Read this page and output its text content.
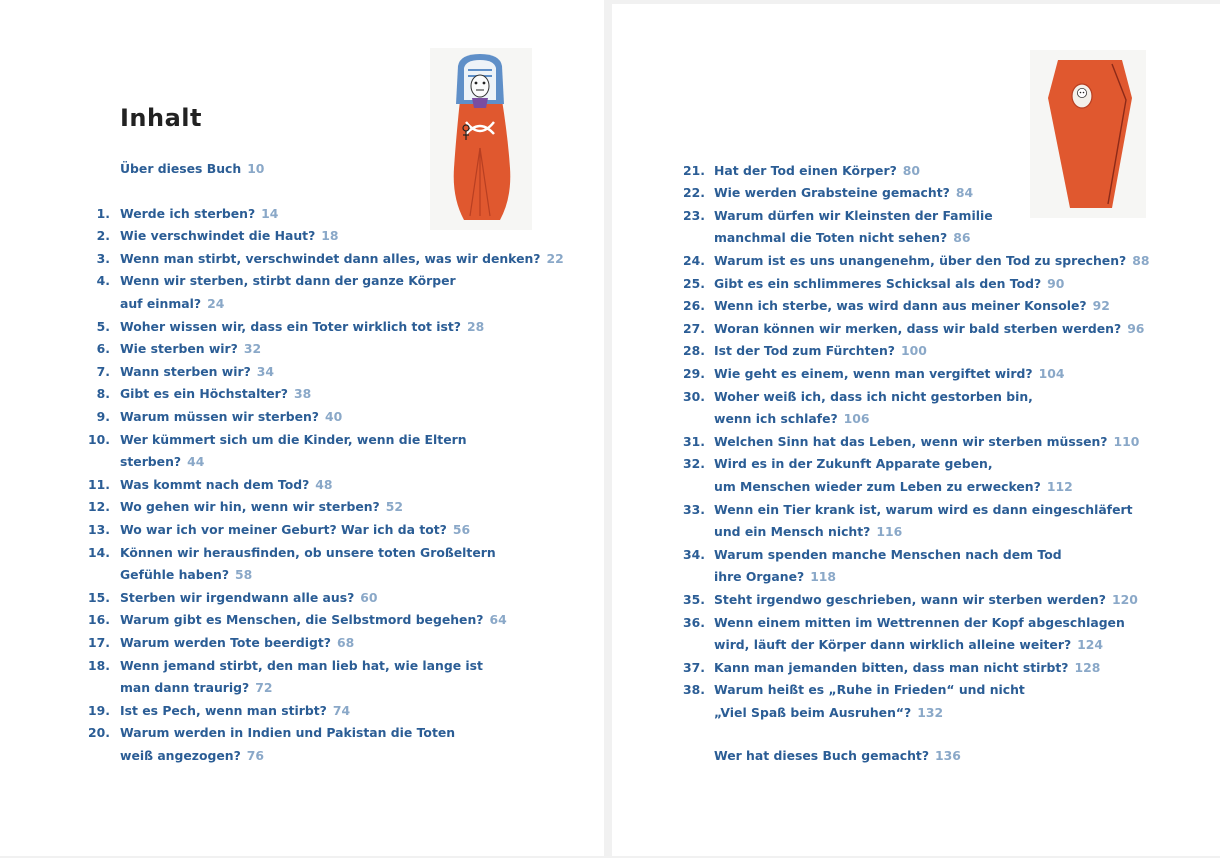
Inhalt
Über dieses Buch 10
1. Werde ich sterben? 14
2. Wie verschwindet die Haut? 18
3. Wenn man stirbt, verschwindet dann alles, was wir denken? 22
4. Wenn wir sterben, stirbt dann der ganze Körper
auf einmal? 24
5. Woher wissen wir, dass ein Toter wirklich tot ist? 28
6. Wie sterben wir? 32
7. Wann sterben wir? 34
8. Gibt es ein Höchstalter? 38
9. Warum müssen wir sterben? 40
10. Wer kümmert sich um die Kinder, wenn die Eltern
sterben? 44
11. Was kommt nach dem Tod? 48
12. Wo gehen wir hin, wenn wir sterben? 52
13. Wo war ich vor meiner Geburt? War ich da tot? 56
14. Können wir herausfinden, ob unsere toten Großeltern
Gefühle haben? 58
15. Sterben wir irgendwann alle aus? 60
16. Warum gibt es Menschen, die Selbstmord begehen? 64
17. Warum werden Tote beerdigt? 68
18. Wenn jemand stirbt, den man lieb hat, wie lange ist
man dann traurig? 72
19. Ist es Pech, wenn man stirbt? 74
20. Warum werden in Indien und Pakistan die Toten
weiß angezogen? 76
21. Hat der Tod einen Körper? 80
22. Wie werden Grabsteine gemacht? 84
23. Warum dürfen wir Kleinsten der Familie
manchmal die Toten nicht sehen? 86
24. Warum ist es uns unangenehm, über den Tod zu sprechen? 88
25. Gibt es ein schlimmeres Schicksal als den Tod? 90
26. Wenn ich sterbe, was wird dann aus meiner Konsole? 92
27. Woran können wir merken, dass wir bald sterben werden? 96
28. Ist der Tod zum Fürchten? 100
29. Wie geht es einem, wenn man vergiftet wird? 104
30. Woher weiß ich, dass ich nicht gestorben bin,
wenn ich schlafe? 106
31. Welchen Sinn hat das Leben, wenn wir sterben müssen? 110
32. Wird es in der Zukunft Apparate geben,
um Menschen wieder zum Leben zu erwecken? 112
33. Wenn ein Tier krank ist, warum wird es dann eingeschläfert
und ein Mensch nicht? 116
34. Warum spenden manche Menschen nach dem Tod
ihre Organe? 118
35. Steht irgendwo geschrieben, wann wir sterben werden? 120
36. Wenn einem mitten im Wettrennen der Kopf abgeschlagen
wird, läuft der Körper dann wirklich alleine weiter? 124
37. Kann man jemanden bitten, dass man nicht stirbt? 128
38. Warum heißt es „Ruhe in Frieden“ und nicht
„Viel Spaß beim Ausruhen“? 132
Wer hat dieses Buch gemacht? 136
